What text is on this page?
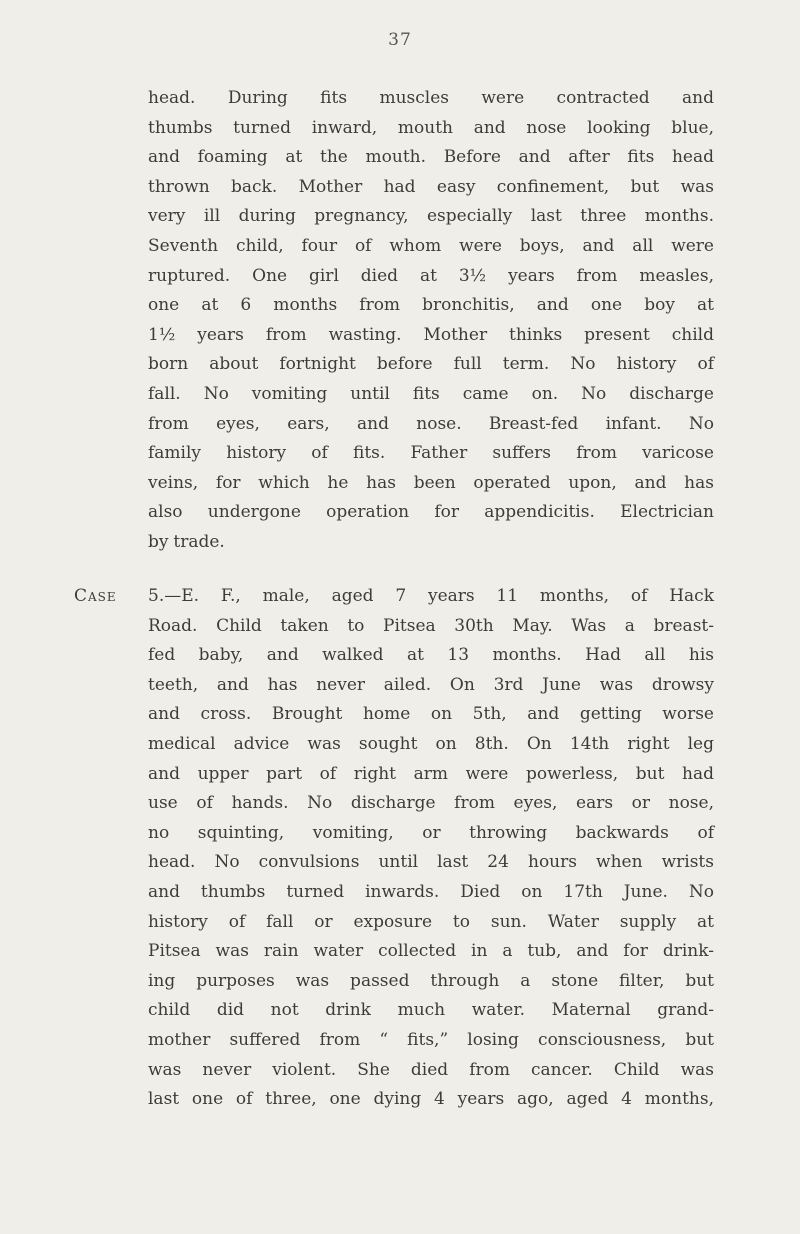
37
head. During fits muscles were contracted and
thumbs turned inward, mouth and nose looking blue,
and foaming at the mouth. Before and after fits head
thrown back. Mother had easy confinement, but was
very ill during pregnancy, especially last three months.
Seventh child, four of whom were boys, and all were
ruptured. One girl died at 3½ years from measles,
one at 6 months from bronchitis, and one boy at
1½ years from wasting. Mother thinks present child
born about fortnight before full term. No history of
fall. No vomiting until fits came on. No discharge
from eyes, ears, and nose. Breast-fed infant. No
family history of fits. Father suffers from varicose
veins, for which he has been operated upon, and has
also undergone operation for appendicitis. Electrician
by trade.
Case 5.—E. F., male, aged 7 years 11 months, of Hack
Road. Child taken to Pitsea 30th May. Was a breast-
fed baby, and walked at 13 months. Had all his
teeth, and has never ailed. On 3rd June was drowsy
and cross. Brought home on 5th, and getting worse
medical advice was sought on 8th. On 14th right leg
and upper part of right arm were powerless, but had
use of hands. No discharge from eyes, ears or nose,
no squinting, vomiting, or throwing backwards of
head. No convulsions until last 24 hours when wrists
and thumbs turned inwards. Died on 17th June. No
history of fall or exposure to sun. Water supply at
Pitsea was rain water collected in a tub, and for drink-
ing purposes was passed through a stone filter, but
child did not drink much water. Maternal grand-
mother suffered from “ fits,” losing consciousness, but
was never violent. She died from cancer. Child was
last one of three, one dying 4 years ago, aged 4 months,
